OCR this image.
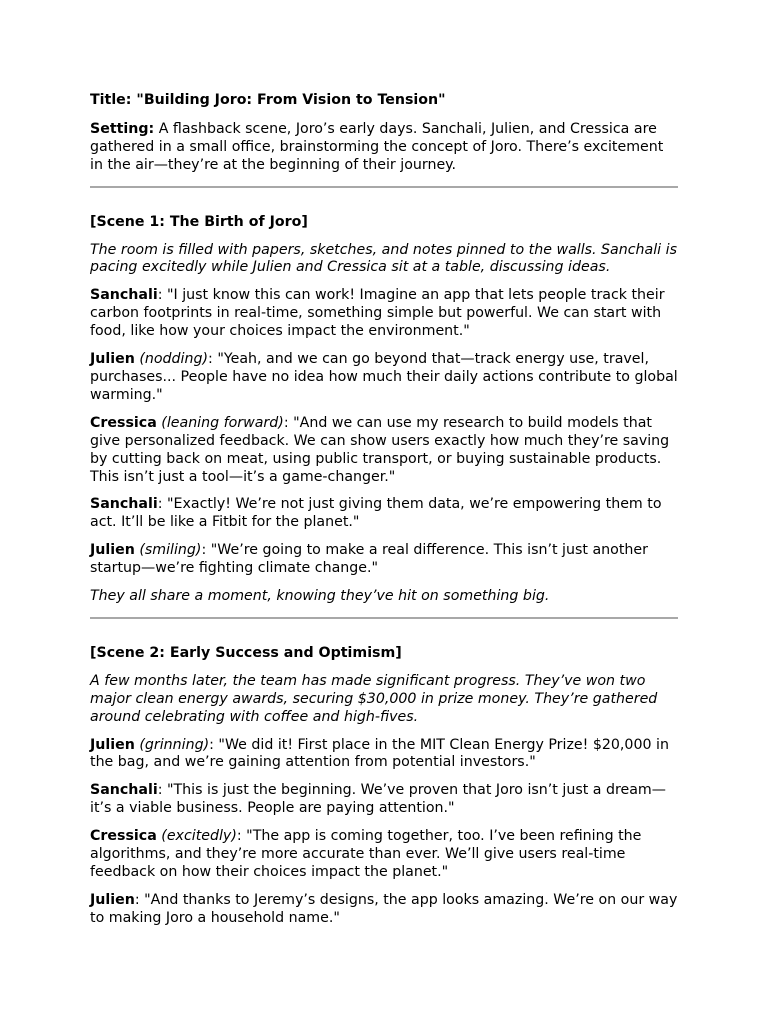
Title: "Building Joro: From Vision to Tension"

Setting: A flashback scene, Joro’s early days. Sanchali, Julien, and Cressica are gathered in a small office, brainstorming the concept of Joro. There’s excitement in the air—they’re at the beginning of their journey.

[Scene 1: The Birth of Joro]

The room is filled with papers, sketches, and notes pinned to the walls. Sanchali is pacing excitedly while Julien and Cressica sit at a table, discussing ideas.

Sanchali: "I just know this can work! Imagine an app that lets people track their carbon footprints in real-time, something simple but powerful. We can start with food, like how your choices impact the environment."

Julien (nodding): "Yeah, and we can go beyond that—track energy use, travel, purchases... People have no idea how much their daily actions contribute to global warming."

Cressica (leaning forward): "And we can use my research to build models that give personalized feedback. We can show users exactly how much they’re saving by cutting back on meat, using public transport, or buying sustainable products. This isn’t just a tool—it’s a game-changer."

Sanchali: "Exactly! We’re not just giving them data, we’re empowering them to act. It’ll be like a Fitbit for the planet."

Julien (smiling): "We’re going to make a real difference. This isn’t just another startup—we’re fighting climate change."

They all share a moment, knowing they’ve hit on something big.

[Scene 2: Early Success and Optimism]

A few months later, the team has made significant progress. They’ve won two major clean energy awards, securing $30,000 in prize money. They’re gathered around celebrating with coffee and high-fives.

Julien (grinning): "We did it! First place in the MIT Clean Energy Prize! $20,000 in the bag, and we’re gaining attention from potential investors."

Sanchali: "This is just the beginning. We’ve proven that Joro isn’t just a dream—it’s a viable business. People are paying attention."

Cressica (excitedly): "The app is coming together, too. I’ve been refining the algorithms, and they’re more accurate than ever. We’ll give users real-time feedback on how their choices impact the planet."

Julien: "And thanks to Jeremy’s designs, the app looks amazing. We’re on our way to making Joro a household name."
